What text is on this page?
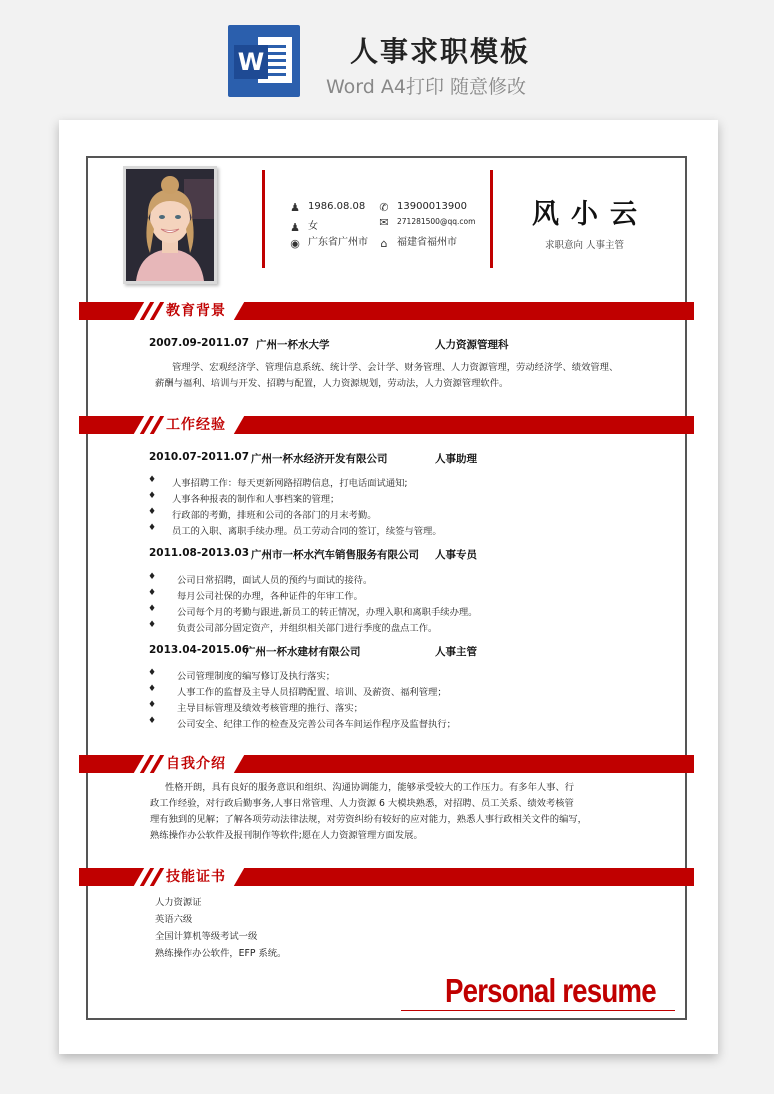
W	人事求职模板
Word A4打印 随意修改
♟ 1986.08.08 ✆ 13900013900
♟ 女	✉ 271281500@qq.com
◉ 广东省广州市 ⌂ 福建省福州市
风小云
求职意向 人事主管
教育背景
2007.09-2011.07 广州一杯水大学	人力资源管理科
管理学、宏观经济学、管理信息系统、统计学、会计学、财务管理、人力资源管理，劳动经济学、绩效管理、
薪酬与福利、培训与开发、招聘与配置，人力资源规划，劳动法，人力资源管理软件。
工作经验
2010.07-2011.07 广州一杯水经济开发有限公司	人事助理
♦ 人事招聘工作：每天更新网路招聘信息，打电话面试通知;
♦ 人事各种报表的制作和人事档案的管理；
♦ 行政部的考勤，排班和公司的各部门的月末考勤。
♦ 员工的入职、离职手续办理。员工劳动合同的签订，续签与管理。
2011.08-2013.03 广州市一杯水汽车销售服务有限公司 人事专员
♦ 公司日常招聘，面试人员的预约与面试的接待。
♦ 每月公司社保的办理，各种证件的年审工作。
♦ 公司每个月的考勤与跟进,新员工的转正情况，办理入职和离职手续办理。
♦ 负责公司部分固定资产，并组织相关部门进行季度的盘点工作。
2013.04-2015.06
广州一杯水建材有限公司	人事主管
♦ 公司管理制度的编写修订及执行落实；
♦ 人事工作的监督及主导人员招聘配置、培训、及薪资、福利管理；
♦ 主导目标管理及绩效考核管理的推行、落实；
♦ 公司安全、纪律工作的检查及完善公司各车间运作程序及监督执行；
自我介绍
性格开朗，具有良好的服务意识和组织、沟通协调能力，能够承受较大的工作压力。有多年人事、行
政工作经验，对行政后勤事务,人事日常管理、人力资源 6 大模块熟悉，对招聘、员工关系、绩效考核管
理有独到的见解；了解各项劳动法律法规，对劳资纠纷有较好的应对能力，熟悉人事行政相关文件的编写，
熟练操作办公软件及报刊制作等软件;愿在人力资源管理方面发展。
技能证书
人力资源证
英语六级
全国计算机等级考试一级
熟练操作办公软件，EFP 系统。
Personal resume
